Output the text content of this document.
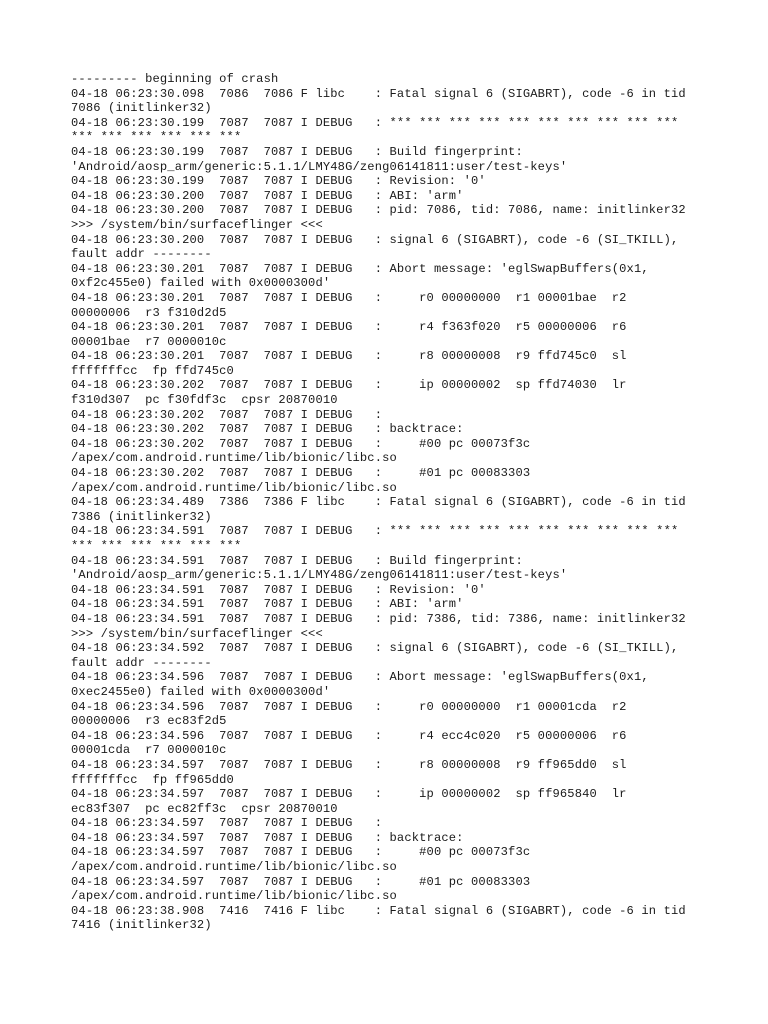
--------- beginning of crash
04-18 06:23:30.098  7086  7086 F libc    : Fatal signal 6 (SIGABRT), code -6 in tid
7086 (initlinker32)
04-18 06:23:30.199  7087  7087 I DEBUG   : *** *** *** *** *** *** *** *** *** ***
*** *** *** *** *** ***
04-18 06:23:30.199  7087  7087 I DEBUG   : Build fingerprint:
'Android/aosp_arm/generic:5.1.1/LMY48G/zeng06141811:user/test-keys'
04-18 06:23:30.199  7087  7087 I DEBUG   : Revision: '0'
04-18 06:23:30.200  7087  7087 I DEBUG   : ABI: 'arm'
04-18 06:23:30.200  7087  7087 I DEBUG   : pid: 7086, tid: 7086, name: initlinker32
>>> /system/bin/surfaceflinger <<<
04-18 06:23:30.200  7087  7087 I DEBUG   : signal 6 (SIGABRT), code -6 (SI_TKILL),
fault addr --------
04-18 06:23:30.201  7087  7087 I DEBUG   : Abort message: 'eglSwapBuffers(0x1,
0xf2c455e0) failed with 0x0000300d'
04-18 06:23:30.201  7087  7087 I DEBUG   :     r0 00000000  r1 00001bae  r2
00000006  r3 f310d2d5
04-18 06:23:30.201  7087  7087 I DEBUG   :     r4 f363f020  r5 00000006  r6
00001bae  r7 0000010c
04-18 06:23:30.201  7087  7087 I DEBUG   :     r8 00000008  r9 ffd745c0  sl
fffffffcc  fp ffd745c0
04-18 06:23:30.202  7087  7087 I DEBUG   :     ip 00000002  sp ffd74030  lr
f310d307  pc f30fdf3c  cpsr 20870010
04-18 06:23:30.202  7087  7087 I DEBUG   :
04-18 06:23:30.202  7087  7087 I DEBUG   : backtrace:
04-18 06:23:30.202  7087  7087 I DEBUG   :     #00 pc 00073f3c
/apex/com.android.runtime/lib/bionic/libc.so
04-18 06:23:30.202  7087  7087 I DEBUG   :     #01 pc 00083303
/apex/com.android.runtime/lib/bionic/libc.so
04-18 06:23:34.489  7386  7386 F libc    : Fatal signal 6 (SIGABRT), code -6 in tid
7386 (initlinker32)
04-18 06:23:34.591  7087  7087 I DEBUG   : *** *** *** *** *** *** *** *** *** ***
*** *** *** *** *** ***
04-18 06:23:34.591  7087  7087 I DEBUG   : Build fingerprint:
'Android/aosp_arm/generic:5.1.1/LMY48G/zeng06141811:user/test-keys'
04-18 06:23:34.591  7087  7087 I DEBUG   : Revision: '0'
04-18 06:23:34.591  7087  7087 I DEBUG   : ABI: 'arm'
04-18 06:23:34.591  7087  7087 I DEBUG   : pid: 7386, tid: 7386, name: initlinker32
>>> /system/bin/surfaceflinger <<<
04-18 06:23:34.592  7087  7087 I DEBUG   : signal 6 (SIGABRT), code -6 (SI_TKILL),
fault addr --------
04-18 06:23:34.596  7087  7087 I DEBUG   : Abort message: 'eglSwapBuffers(0x1,
0xec2455e0) failed with 0x0000300d'
04-18 06:23:34.596  7087  7087 I DEBUG   :     r0 00000000  r1 00001cda  r2
00000006  r3 ec83f2d5
04-18 06:23:34.596  7087  7087 I DEBUG   :     r4 ecc4c020  r5 00000006  r6
00001cda  r7 0000010c
04-18 06:23:34.597  7087  7087 I DEBUG   :     r8 00000008  r9 ff965dd0  sl
fffffffcc  fp ff965dd0
04-18 06:23:34.597  7087  7087 I DEBUG   :     ip 00000002  sp ff965840  lr
ec83f307  pc ec82ff3c  cpsr 20870010
04-18 06:23:34.597  7087  7087 I DEBUG   :
04-18 06:23:34.597  7087  7087 I DEBUG   : backtrace:
04-18 06:23:34.597  7087  7087 I DEBUG   :     #00 pc 00073f3c
/apex/com.android.runtime/lib/bionic/libc.so
04-18 06:23:34.597  7087  7087 I DEBUG   :     #01 pc 00083303
/apex/com.android.runtime/lib/bionic/libc.so
04-18 06:23:38.908  7416  7416 F libc    : Fatal signal 6 (SIGABRT), code -6 in tid
7416 (initlinker32)
